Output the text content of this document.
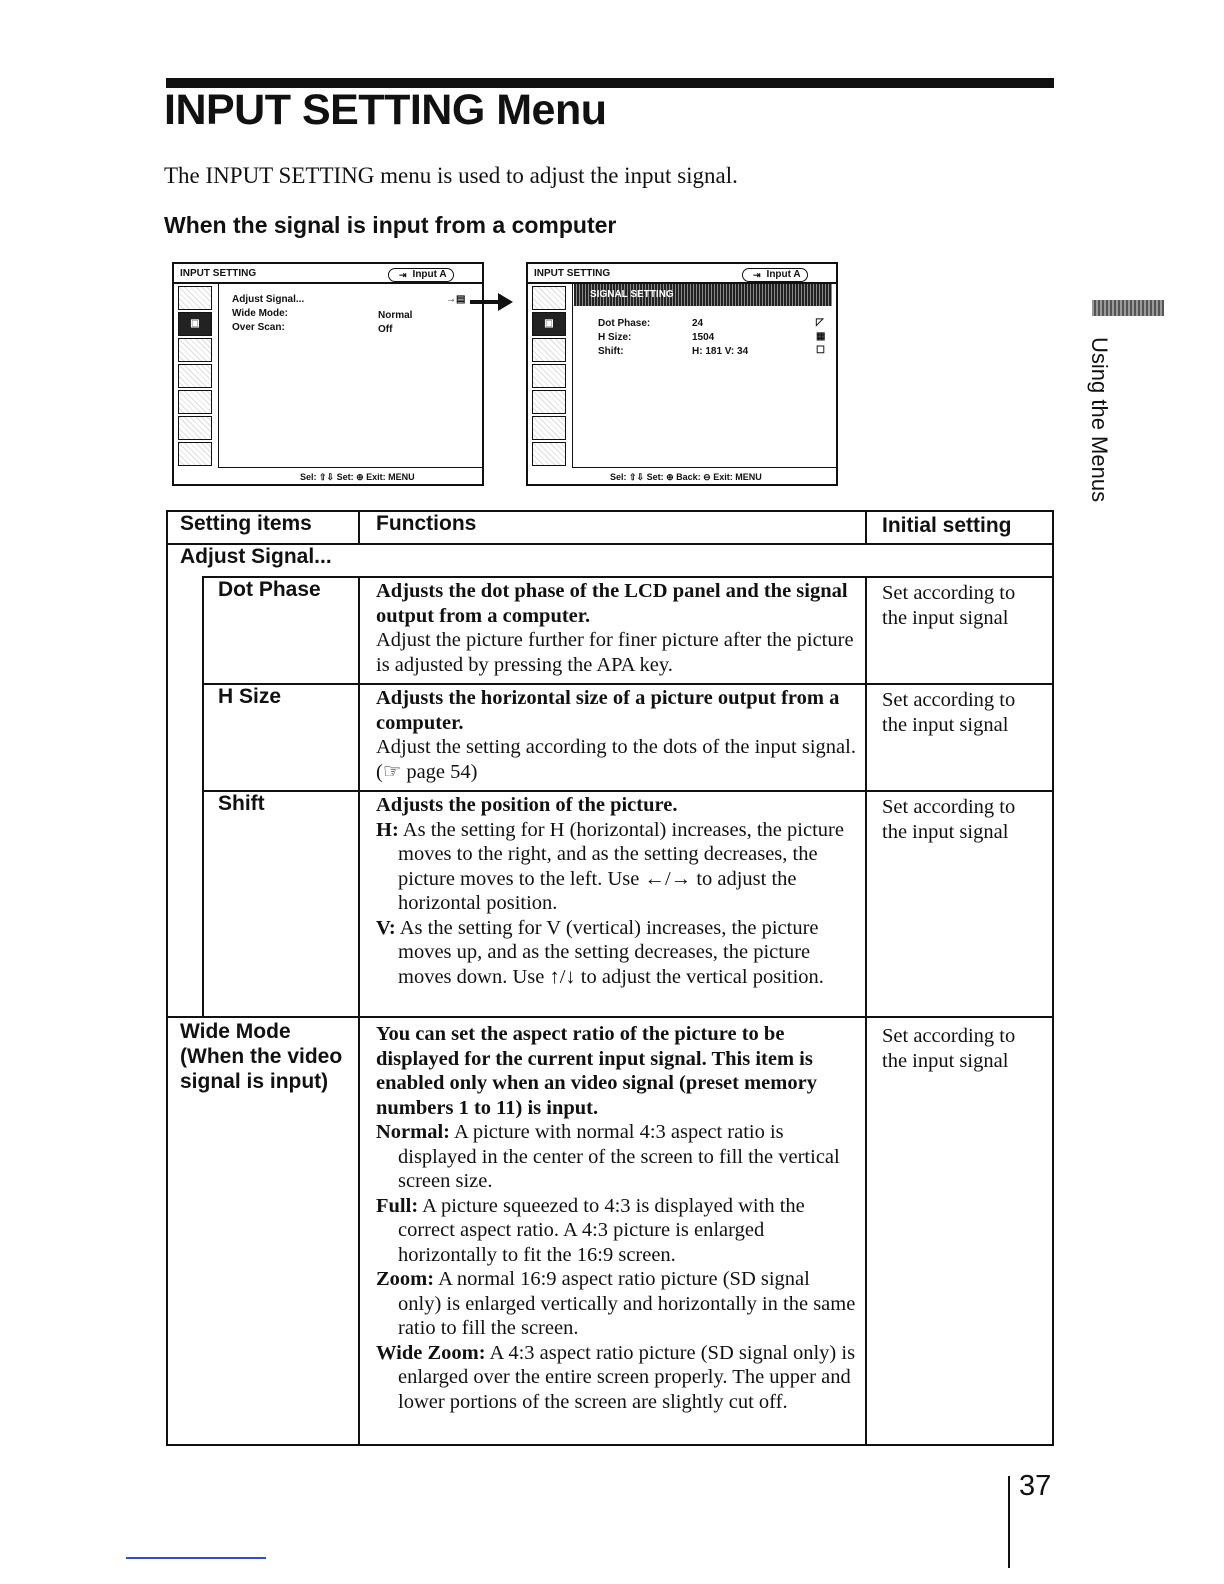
INPUT SETTING Menu
The INPUT SETTING menu is used to adjust the input signal.
When the signal is input from a computer
Using the Menus
INPUT SETTING	⇥ Input A
▣
Adjust Signal...	→▤
Wide Mode:	Normal
Over Scan:	Off
Sel: ⇧⇩ Set: ⊕ Exit: MENU
INPUT SETTING	⇥ Input A
▣
SIGNAL SETTING
Dot Phase:	24
H Size:	1504
Shift:	H: 181 V: 34
◸
▦
☐
Sel: ⇧⇩ Set: ⊕ Back: ⊖ Exit: MENU
Setting items	Functions	Initial setting
Adjust Signal...
Dot Phase	Adjusts the dot phase of the LCD panel and the signal output from a computer.
Adjust the picture further for finer picture after the picture is adjusted by pressing the APA key.
Set according to the input signal
H Size	Adjusts the horizontal size of a picture output from a computer.
Adjust the setting according to the dots of the input signal. (☞ page 54)
Set according to the input signal
Shift	Adjusts the position of the picture.
H: As the setting for H (horizontal) increases, the picture moves to the right, and as the setting decreases, the picture moves to the left. Use ←/→ to adjust the horizontal position.
V: As the setting for V (vertical) increases, the picture moves up, and as the setting decreases, the picture moves down. Use ↑/↓ to adjust the vertical position.
Set according to the input signal
Wide Mode
(When the video signal is input)
You can set the aspect ratio of the picture to be displayed for the current input signal. This item is enabled only when an video signal (preset memory numbers 1 to 11) is input.
Normal: A picture with normal 4:3 aspect ratio is displayed in the center of the screen to fill the vertical screen size.
Full: A picture squeezed to 4:3 is displayed with the correct aspect ratio. A 4:3 picture is enlarged horizontally to fit the 16:9 screen.
Zoom: A normal 16:9 aspect ratio picture (SD signal only) is enlarged vertically and horizontally in the same ratio to fill the screen.
Wide Zoom: A 4:3 aspect ratio picture (SD signal only) is enlarged over the entire screen properly. The upper and lower portions of the screen are slightly cut off.
Set according to the input signal
37
